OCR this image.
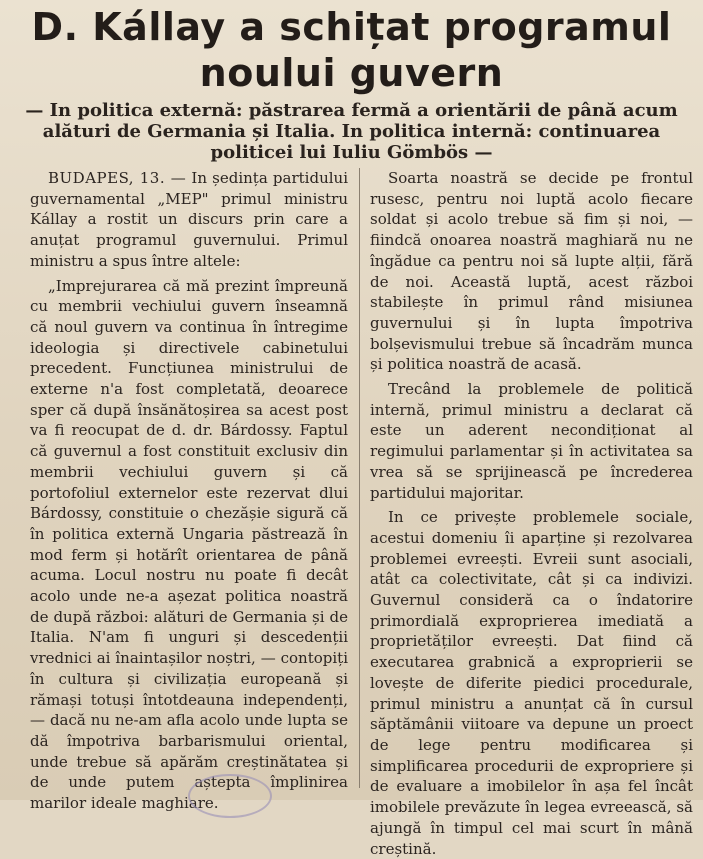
D. Kállay a schițat programul noului guvern

— In politica externă: păstrarea fermă a orientării de până acum alături de Germania și Italia. In politica internă: continuarea politicei lui Iuliu Gömbös —

BUDAPES, 13. — In ședința partidului guvernamental „MEP" primul ministru Kállay a rostit un discurs prin care a anuțat programul guvernului. Primul ministru a spus între altele:

„Imprejurarea că mă prezint împreună cu membrii vechiului guvern înseamnă că noul guvern va continua în întregime ideologia și directivele cabinetului precedent. Funcțiunea ministrului de externe n'a fost completată, deoarece sper că după însănătoșirea sa acest post va fi reocupat de d. dr. Bárdossy. Faptul că guvernul a fost constituit exclusiv din membrii vechiului guvern și că portofoliul externelor este rezervat dlui Bárdossy, constituie o chezășie sigură că în politica externă Ungaria păstrează în mod ferm și hotărît orientarea de până acuma. Locul nostru nu poate fi decât acolo unde ne-a așezat politica noastră de după război: alături de Germania și de Italia. N'am fi unguri și descedenții vrednici ai înaintașilor noștri, — contopiți în cultura și civilizația europeană și rămași totuși întotdeauna independenți, — dacă nu ne-am afla acolo unde lupta se dă împotriva barbarismului oriental, unde trebue să apărăm creștinătatea și de unde putem aștepta împlinirea marilor ideale maghiare.

Soarta noastră se decide pe frontul rusesc, pentru noi luptă acolo fiecare soldat și acolo trebue să fim și noi, — fiindcă onoarea noastră maghiară nu ne îngădue ca pentru noi să lupte alții, fără de noi. Această luptă, acest război stabilește în primul rând misiunea guvernului și în lupta împotriva bolșevismului trebue să încadrăm munca și politica noastră de acasă.

Trecând la problemele de politică internă, primul ministru a declarat că este un aderent necondiționat al regimului parlamentar și în activitatea sa vrea să se sprijinească pe încrederea partidului majoritar.

In ce privește problemele sociale, acestui domeniu îi aparține și rezolvarea problemei evreești. Evreii sunt asociali, atât ca colectivitate, cât și ca indivizi. Guvernul consideră ca o îndatorire primordială exproprierea imediată a proprietăților evreești. Dat fiind că executarea grabnică a exproprierii se lovește de diferite piedici procedurale, primul ministru a anunțat că în cursul săptămânii viitoare va depune un proect de lege pentru modificarea și simplificarea procedurii de expropriere și de evaluare a imobilelor în așa fel încât imobilele prevăzute în legea evreească, să ajungă în timpul cel mai scurt în mână creștină.
